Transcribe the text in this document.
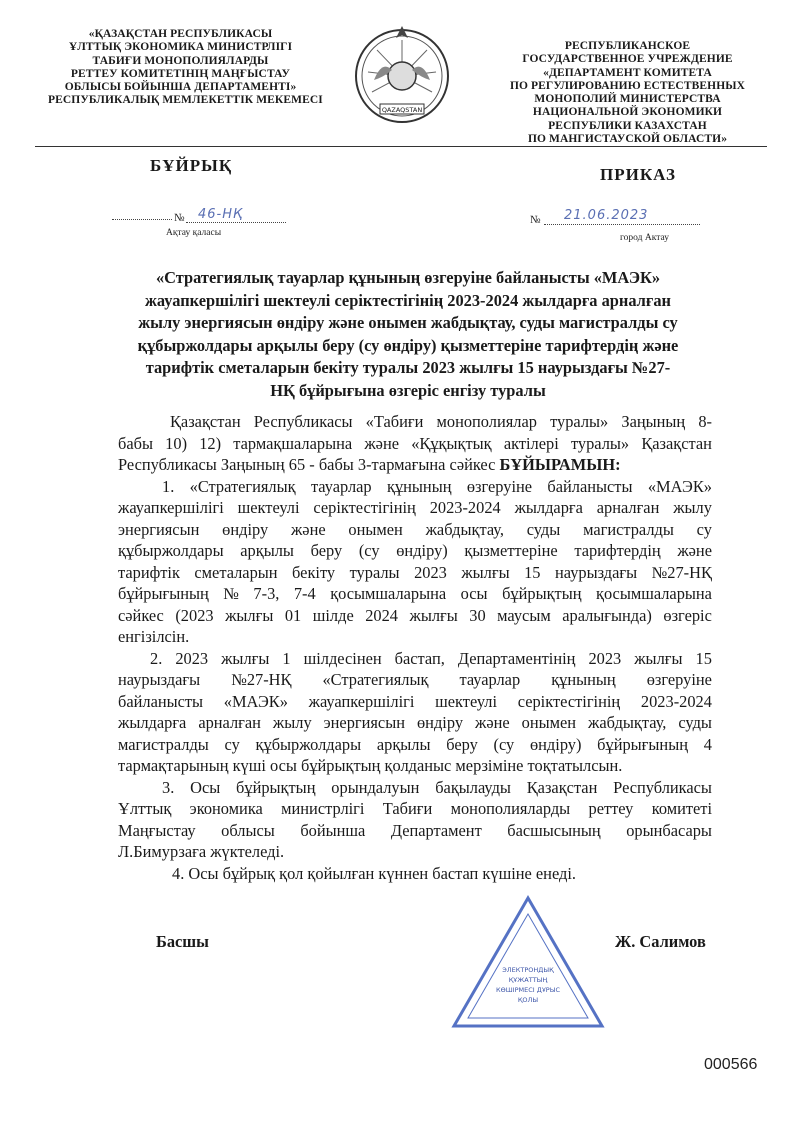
«ҚАЗАҚСТАН РЕСПУБЛИКАСЫ
ҰЛТТЫҚ ЭКОНОМИКА МИНИСТРЛІГІ
ТАБИҒИ МОНОПОЛИЯЛАРДЫ
РЕТТЕУ КОМИТЕТІНІҢ МАҢҒЫСТАУ
ОБЛЫСЫ БОЙЫНША ДЕПАРТАМЕНТІ»
РЕСПУБЛИКАЛЫҚ МЕМЛЕКЕТТІК МЕКЕМЕСІ
QAZAQSTAN
РЕСПУБЛИКАНСКОЕ
ГОСУДАРСТВЕННОЕ УЧРЕЖДЕНИЕ
«ДЕПАРТАМЕНТ КОМИТЕТА
ПО РЕГУЛИРОВАНИЮ ЕСТЕСТВЕННЫХ
МОНОПОЛИЙ МИНИСТЕРСТВА
НАЦИОНАЛЬНОЙ ЭКОНОМИКИ
РЕСПУБЛИКИ КАЗАХСТАН
ПО МАНГИСТАУСКОЙ ОБЛАСТИ»
БҰЙРЫҚ	ПРИКАЗ
№ 46-НҚ
Ақтау қаласы
№ 21.06.2023
город Актау
«Стратегиялық тауарлар құнының өзгеруіне байланысты «МАЭК»
жауапкершілігі шектеулі серіктестігінің 2023-2024 жылдарға арналған
жылу энергиясын өндіру және онымен жабдықтау, суды магистралды су
құбыржолдары арқылы беру (су өндіру) қызметтеріне тарифтердің және
тарифтік сметаларын бекіту туралы 2023 жылғы 15 наурыздағы №27-
НҚ бұйрығына өзгеріс енгізу туралы
Қазақстан Республикасы «Табиғи монополиялар туралы» Заңының 8-
бабы 10) 12) тармақшаларына және «Құқықтық актілері туралы» Қазақстан
Республикасы Заңының 65 - бабы 3-тармағына сәйкес БҰЙЫРАМЫН:
1. «Стратегиялық тауарлар құнының өзгеруіне байланысты «МАЭК»
жауапкершілігі шектеулі серіктестігінің 2023-2024 жылдарға арналған жылу
энергиясын өндіру және онымен жабдықтау, суды магистралды су
құбыржолдары арқылы беру (су өндіру) қызметтеріне тарифтердің және
тарифтік сметаларын бекіту туралы 2023 жылғы 15 наурыздағы №27-НҚ
бұйрығының № 7-3, 7-4 қосымшаларына осы бұйрықтың қосымшаларына
сәйкес (2023 жылғы 01 шілде 2024 жылғы 30 маусым аралығында) өзгеріс
енгізілсін.
2. 2023 жылғы 1 шілдесінен бастап, Департаментінің 2023 жылғы 15
наурыздағы №27-НҚ «Стратегиялық тауарлар құнының өзгеруіне
байланысты «МАЭК» жауапкершілігі шектеулі серіктестігінің 2023-2024
жылдарға арналған жылу энергиясын өндіру және онымен жабдықтау, суды
магистралды су құбыржолдары арқылы беру (су өндіру) бұйрығының 4
тармақтарының күші осы бұйрықтың қолданыс мерзіміне тоқтатылсын.
3. Осы бұйрықтың орындалуын бақылауды Қазақстан Республикасы
Ұлттық экономика министрлігі Табиғи монополияларды реттеу комитеті
Маңғыстау облысы бойынша Департамент басшысының орынбасары
Л.Бимурзаға жүктеледі.
4. Осы бұйрық қол қойылған күннен бастап күшіне енеді.
Басшы	Ж. Салимов
ЭЛЕКТРОНДЫҚ
ҚҰЖАТТЫҢ
КӨШІРМЕСІ ДҰРЫС
ҚОЛЫ
000566
